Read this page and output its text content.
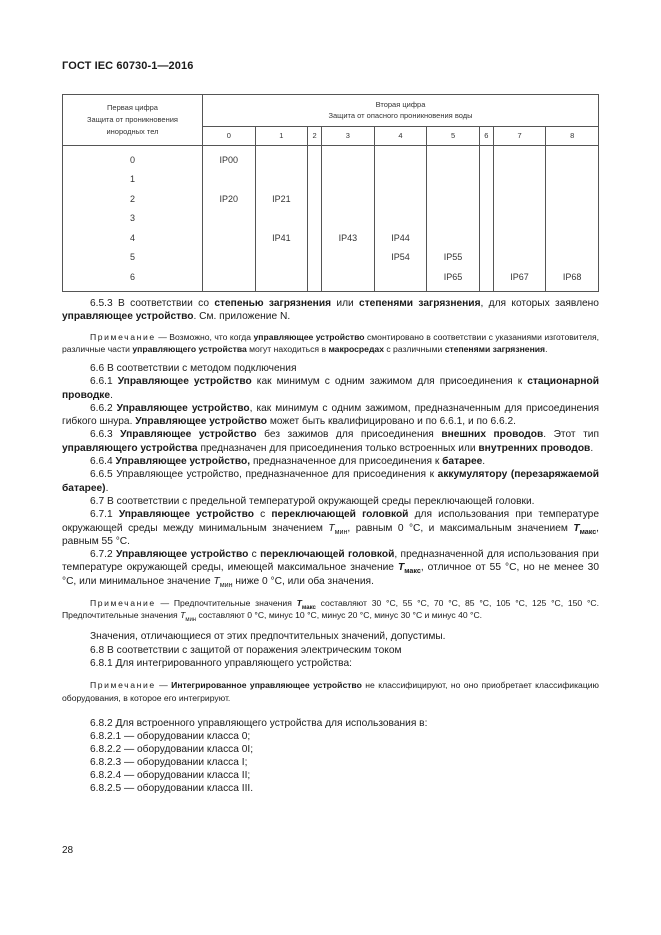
ГОСТ IEC 60730-1—2016
Первая цифра
Защита от проникновения
инородных тел	Вторая цифра
Защита от опасного проникновения воды								
	0	1	2	3	4	5	6	7	8
0	IP00								
1									
2	IP20	IP21							
3									
4		IP41		IP43	IP44				
5					IP54	IP55			
6						IP65		IP67	IP68

6.5.3 В соответствии со степенью загрязнения или степенями загрязнения, для которых заявлено управляющее устройство. См. приложение N.

Примечание — Возможно, что когда управляющее устройство смонтировано в соответствии с указаниями изготовителя, различные части управляющего устройства могут находиться в макросредах с различными степенями загрязнения.

6.6 В соответствии с методом подключения

6.6.1 Управляющее устройство как минимум с одним зажимом для присоединения к стационарной проводке.

6.6.2 Управляющее устройство, как минимум с одним зажимом, предназначенным для присоединения гибкого шнура. Управляющее устройство может быть квалифицировано и по 6.6.1, и по 6.6.2.

6.6.3 Управляющее устройство без зажимов для присоединения внешних проводов. Этот тип управляющего устройства предназначен для присоединения только встроенных или внутренних проводов.

6.6.4 Управляющее устройство, предназначенное для присоединения к батарее.

6.6.5 Управляющее устройство, предназначенное для присоединения к аккумулятору (перезаряжаемой батарее).

6.7 В соответствии с предельной температурой окружающей среды переключающей головки.

6.7.1 Управляющее устройство с переключающей головкой для использования при температуре окружающей среды между минимальным значением $T_{мин}$, равным 0 °С, и максимальным значением $T_{макс}$, равным 55 °С.

6.7.2 Управляющее устройство с переключающей головкой, предназначенной для использования при температуре окружающей среды, имеющей максимальное значение $T_{макс}$, отличное от 55 °С, но не менее 30 °С, или минимальное значение $T_{мин}$ ниже 0 °С, или оба значения.

Примечание — Предпочтительные значения $T_{макс}$ составляют 30 °С, 55 °С, 70 °С, 85 °С, 105 °С, 125 °С, 150 °С. Предпочтительные значения $T_{мин}$ составляют 0 °С, минус 10 °С, минус 20 °С, минус 30 °С и минус 40 °С.

Значения, отличающиеся от этих предпочтительных значений, допустимы.

6.8 В соответствии с защитой от поражения электрическим током

6.8.1 Для интегрированного управляющего устройства:

Примечание — Интегрированное управляющее устройство не классифицируют, но оно приобретает классификацию оборудования, в которое его интегрируют.

6.8.2 Для встроенного управляющего устройства для использования в:

6.8.2.1 — оборудовании класса 0;

6.8.2.2 — оборудовании класса 0I;

6.8.2.3 — оборудовании класса I;

6.8.2.4 — оборудовании класса II;

6.8.2.5 — оборудовании класса III.

28
